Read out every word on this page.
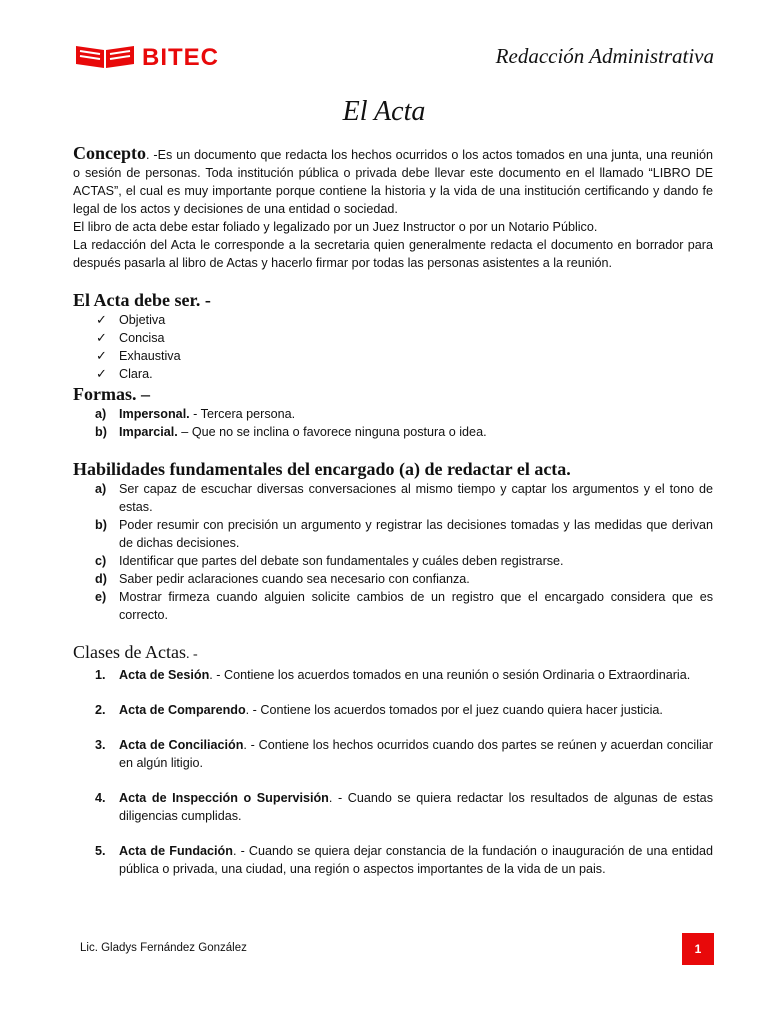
BITEC	Redacción Administrativa
El Acta

Concepto. -Es un documento que redacta los hechos ocurridos o los actos tomados en una junta, una reunión o sesión de personas. Toda institución pública o privada debe llevar este documento en el llamado “LIBRO DE ACTAS”, el cual es muy importante porque contiene la historia y la vida de una institución certificando y dando fe legal de los actos y decisiones de una entidad o sociedad.

El libro de acta debe estar foliado y legalizado por un Juez Instructor o por un Notario Público.

La redacción del Acta le corresponde a la secretaria quien generalmente redacta el documento en borrador para después pasarla al libro de Actas y hacerlo firmar por todas las personas asistentes a la reunión.

El Acta debe ser. -
✓ Objetiva
✓ Concisa
✓ Exhaustiva
✓ Clara.
Formas. –
a) Impersonal. - Tercera persona.
b) Imparcial. – Que no se inclina o favorece ninguna postura o idea.
Habilidades fundamentales del encargado (a) de redactar el acta.
a) Ser capaz de escuchar diversas conversaciones al mismo tiempo y captar los argumentos y el tono de estas.
b) Poder resumir con precisión un argumento y registrar las decisiones tomadas y las medidas que derivan de dichas decisiones.
c) Identificar que partes del debate son fundamentales y cuáles deben registrarse.
d) Saber pedir aclaraciones cuando sea necesario con confianza.
e) Mostrar firmeza cuando alguien solicite cambios de un registro que el encargado considera que es correcto.
Clases de Actas. -
1. Acta de Sesión. - Contiene los acuerdos tomados en una reunión o sesión Ordinaria o Extraordinaria.
2. Acta de Comparendo. - Contiene los acuerdos tomados por el juez cuando quiera hacer justicia.
3. Acta de Conciliación. - Contiene los hechos ocurridos cuando dos partes se reúnen y acuerdan conciliar en algún litigio.
4. Acta de Inspección o Supervisión. - Cuando se quiera redactar los resultados de algunas de estas diligencias cumplidas.
5. Acta de Fundación. - Cuando se quiera dejar constancia de la fundación o inauguración de una entidad pública o privada, una ciudad, una región o aspectos importantes de la vida de un pais.
Lic. Gladys Fernández González	1
